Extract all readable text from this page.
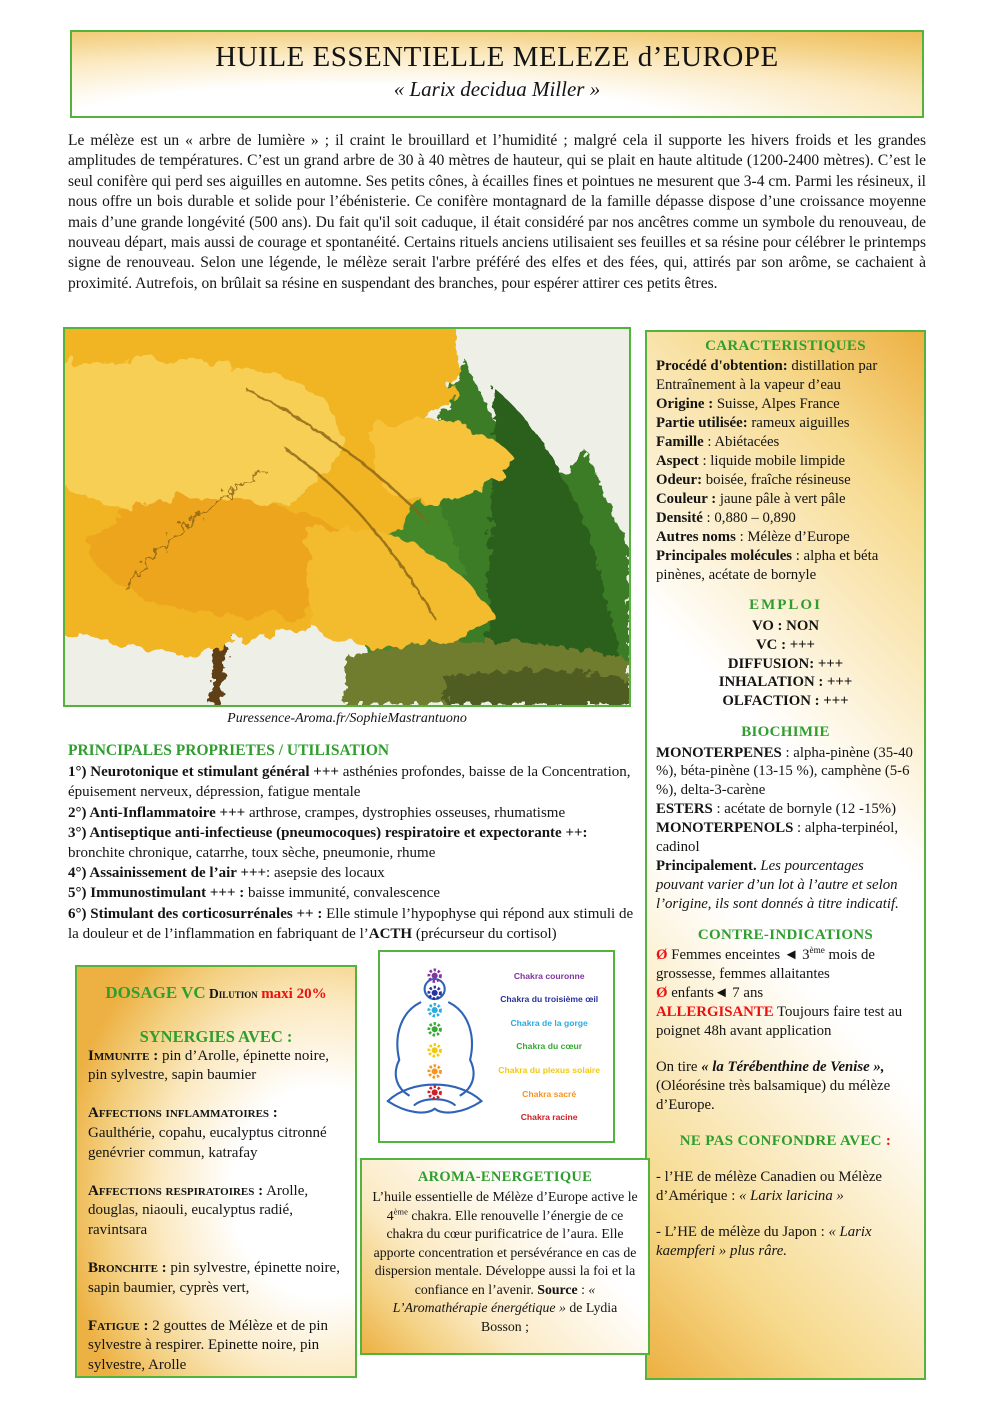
HUILE ESSENTIELLE MELEZE d’EUROPE
« Larix decidua Miller »

Le mélèze est un « arbre de lumière » ; il craint le brouillard et l’humidité ; malgré cela il supporte les hivers froids et les grandes amplitudes de températures. C’est un grand arbre de 30 à 40 mètres de hauteur, qui se plait en haute altitude (1200-2400 mètres). C’est le seul conifère qui perd ses aiguilles en automne. Ses petits cônes, à écailles fines et pointues ne mesurent que 3-4 cm. Parmi les résineux, il nous offre un bois durable et solide pour l’ébénisterie. Ce conifère montagnard de la famille dépasse dispose d’une croissance moyenne mais d’une grande longévité (500 ans). Du fait qu'il soit caduque, il était considéré par nos ancêtres comme un symbole du renouveau, de nouveau départ, mais aussi de courage et spontanéité. Certains rituels anciens utilisaient ses feuilles et sa résine pour célébrer le printemps signe de renouveau. Selon une légende, le mélèze serait l'arbre préféré des elfes et des fées, qui, attirés par son arôme, se cachaient à proximité. Autrefois, on brûlait sa résine en suspendant des branches, pour espérer attirer ces petits êtres.

Puressence-Aroma.fr/SophieMastrantuono
CARACTERISTIQUES

Procédé d'obtention: distillation par Entraînement à la vapeur d’eau

Origine : Suisse, Alpes France

Partie utilisée: rameux aiguilles

Famille : Abiétacées

Aspect : liquide mobile limpide

Odeur: boisée, fraîche résineuse

Couleur : jaune pâle à vert pâle

Densité : 0,880 – 0,890

Autres noms : Mélèze d’Europe

Principales molécules : alpha et béta pinènes, acétate de bornyle

EMPLOI

VO : NON

VC : +++

DIFFUSION: +++

INHALATION : +++

OLFACTION : +++

BIOCHIMIE

MONOTERPENES : alpha-pinène (35-40 %), béta-pinène (13-15 %), camphène (5-6 %), delta-3-carène

ESTERS : acétate de bornyle (12 -15%)

MONOTERPENOLS : alpha-terpinéol, cadinol

Principalement. Les pourcentages pouvant varier d’un lot à l’autre et selon l’origine, ils sont donnés à titre indicatif.

CONTRE-INDICATIONS

Ø Femmes enceintes ◄ 3ème mois de grossesse, femmes allaitantes

Ø enfants◄ 7 ans

ALLERGISANTE Toujours faire test au poignet 48h avant application

On tire « la Térébenthine de Venise », (Oléorésine très balsamique) du mélèze d’Europe.

NE PAS CONFONDRE AVEC :

- l’HE de mélèze Canadien ou Mélèze d’Amérique : « Larix laricina »

- L’HE de mélèze du Japon : « Larix kaempferi » plus râre.

PRINCIPALES PROPRIETES / UTILISATION

1°) Neurotonique et stimulant général +++ asthénies profondes, baisse de la Concentration, épuisement nerveux, dépression, fatigue mentale

2°) Anti-Inflammatoire +++ arthrose, crampes, dystrophies osseuses, rhumatisme

3°) Antiseptique anti-infectieuse (pneumocoques) respiratoire et expectorante ++: bronchite chronique, catarrhe, toux sèche, pneumonie, rhume

4°) Assainissement de l’air +++: asepsie des locaux

5°) Immunostimulant +++ : baisse immunité, convalescence

6°) Stimulant des corticosurrénales ++ : Elle stimule l’hypophyse qui répond aux stimuli de la douleur et de l’inflammation en fabriquant de l’ACTH (précurseur du cortisol)

DOSAGE VC Dilution maxi 20%

SYNERGIES AVEC :

Immunite : pin d’Arolle, épinette noire, pin sylvestre, sapin baumier

Affections inflammatoires : Gaulthérie, copahu, eucalyptus citronné genévrier commun, katrafay

Affections respiratoires : Arolle, douglas, niaouli, eucalyptus radié, ravintsara

Bronchite : pin sylvestre, épinette noire, sapin baumier, cyprès vert,

Fatigue : 2 gouttes de Mélèze et de pin sylvestre à respirer. Epinette noire, pin sylvestre, Arolle

Chakra couronne
Chakra du troisième œil
Chakra de la gorge
Chakra du cœur
Chakra du plexus solaire
Chakra sacré
Chakra racine
AROMA-ENERGETIQUE

L’huile essentielle de Mélèze d’Europe active le 4ème chakra. Elle renouvelle l’énergie de ce chakra du cœur purificatrice de l’aura. Elle apporte concentration et persévérance en cas de dispersion mentale. Développe aussi la foi et la confiance en l’avenir. Source : « L’Aromathérapie énergétique » de Lydia Bosson ;
